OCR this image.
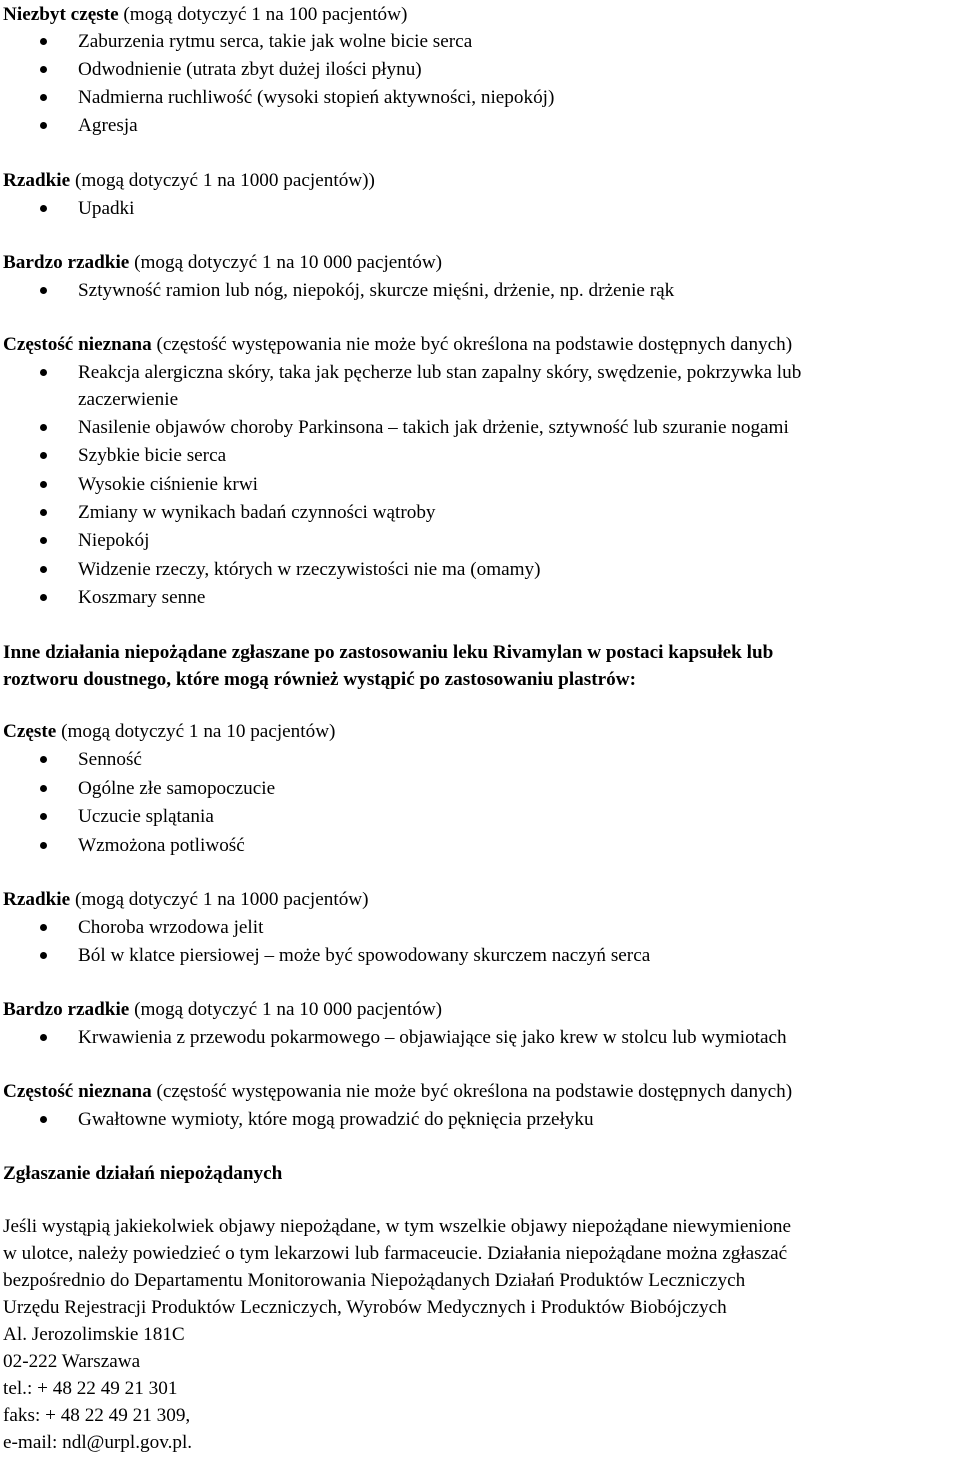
Niezbyt częste (mogą dotyczyć 1 na 100 pacjentów)
Zaburzenia rytmu serca, takie jak wolne bicie serca
Odwodnienie (utrata zbyt dużej ilości płynu)
Nadmierna ruchliwość (wysoki stopień aktywności, niepokój)
Agresja
Rzadkie (mogą dotyczyć 1 na 1000 pacjentów))
Upadki
Bardzo rzadkie (mogą dotyczyć 1 na 10 000 pacjentów)
Sztywność ramion lub nóg, niepokój, skurcze mięśni, drżenie, np. drżenie rąk
Częstość nieznana (częstość występowania nie może być określona na podstawie dostępnych danych)
Reakcja alergiczna skóry, taka jak pęcherze lub stan zapalny skóry, swędzenie, pokrzywka lub
zaczerwienie
Nasilenie objawów choroby Parkinsona – takich jak drżenie, sztywność lub szuranie nogami
Szybkie bicie serca
Wysokie ciśnienie krwi
Zmiany w wynikach badań czynności wątroby
Niepokój
Widzenie rzeczy, których w rzeczywistości nie ma (omamy)
Koszmary senne
Inne działania niepożądane zgłaszane po zastosowaniu leku Rivamylan w postaci kapsułek lub
roztworu doustnego, które mogą również wystąpić po zastosowaniu plastrów:
Częste (mogą dotyczyć 1 na 10 pacjentów)
Senność
Ogólne złe samopoczucie
Uczucie splątania
Wzmożona potliwość
Rzadkie (mogą dotyczyć 1 na 1000 pacjentów)
Choroba wrzodowa jelit
Ból w klatce piersiowej – może być spowodowany skurczem naczyń serca
Bardzo rzadkie (mogą dotyczyć 1 na 10 000 pacjentów)
Krwawienia z przewodu pokarmowego – objawiające się jako krew w stolcu lub wymiotach
Częstość nieznana (częstość występowania nie może być określona na podstawie dostępnych danych)
Gwałtowne wymioty, które mogą prowadzić do pęknięcia przełyku
Zgłaszanie działań niepożądanych
Jeśli wystąpią jakiekolwiek objawy niepożądane, w tym wszelkie objawy niepożądane niewymienione
w ulotce, należy powiedzieć o tym lekarzowi lub farmaceucie. Działania niepożądane można zgłaszać
bezpośrednio do Departamentu Monitorowania Niepożądanych Działań Produktów Leczniczych
Urzędu Rejestracji Produktów Leczniczych, Wyrobów Medycznych i Produktów Biobójczych
Al. Jerozolimskie 181C
02-222 Warszawa
tel.: + 48 22 49 21 301
faks: + 48 22 49 21 309,
e-mail: ndl@urpl.gov.pl.
